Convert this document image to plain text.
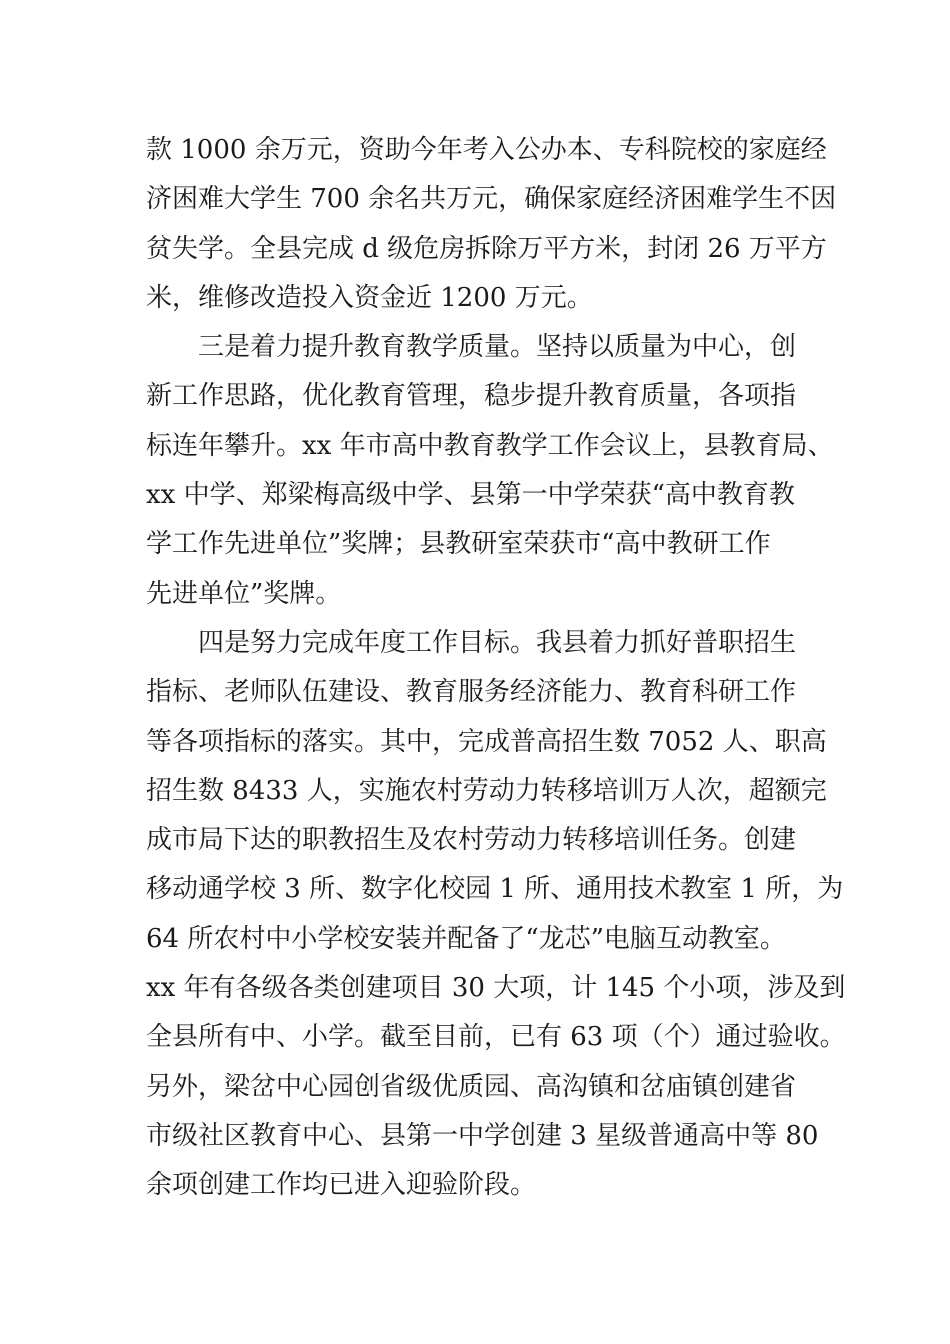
款 1000 余万元，资助今年考入公办本、专科院校的家庭经
济困难大学生 700 余名共万元，确保家庭经济困难学生不因
贫失学。全县完成 d 级危房拆除万平方米，封闭 26 万平方
米，维修改造投入资金近 1200 万元。
　　三是着力提升教育教学质量。坚持以质量为中心，创
新工作思路，优化教育管理，稳步提升教育质量，各项指
标连年攀升。xx 年市高中教育教学工作会议上，县教育局、
xx 中学、郑梁梅高级中学、县第一中学荣获“高中教育教
学工作先进单位”奖牌；县教研室荣获市“高中教研工作
先进单位”奖牌。
　　四是努力完成年度工作目标。我县着力抓好普职招生
指标、老师队伍建设、教育服务经济能力、教育科研工作
等各项指标的落实。其中，完成普高招生数 7052 人、职高
招生数 8433 人，实施农村劳动力转移培训万人次，超额完
成市局下达的职教招生及农村劳动力转移培训任务。创建
移动通学校 3 所、数字化校园 1 所、通用技术教室 1 所，为
64 所农村中小学校安装并配备了“龙芯”电脑互动教室。
xx 年有各级各类创建项目 30 大项，计 145 个小项，涉及到
全县所有中、小学。截至目前，已有 63 项（个）通过验收。
另外，梁岔中心园创省级优质园、高沟镇和岔庙镇创建省
市级社区教育中心、县第一中学创建 3 星级普通高中等 80
余项创建工作均已进入迎验阶段。
